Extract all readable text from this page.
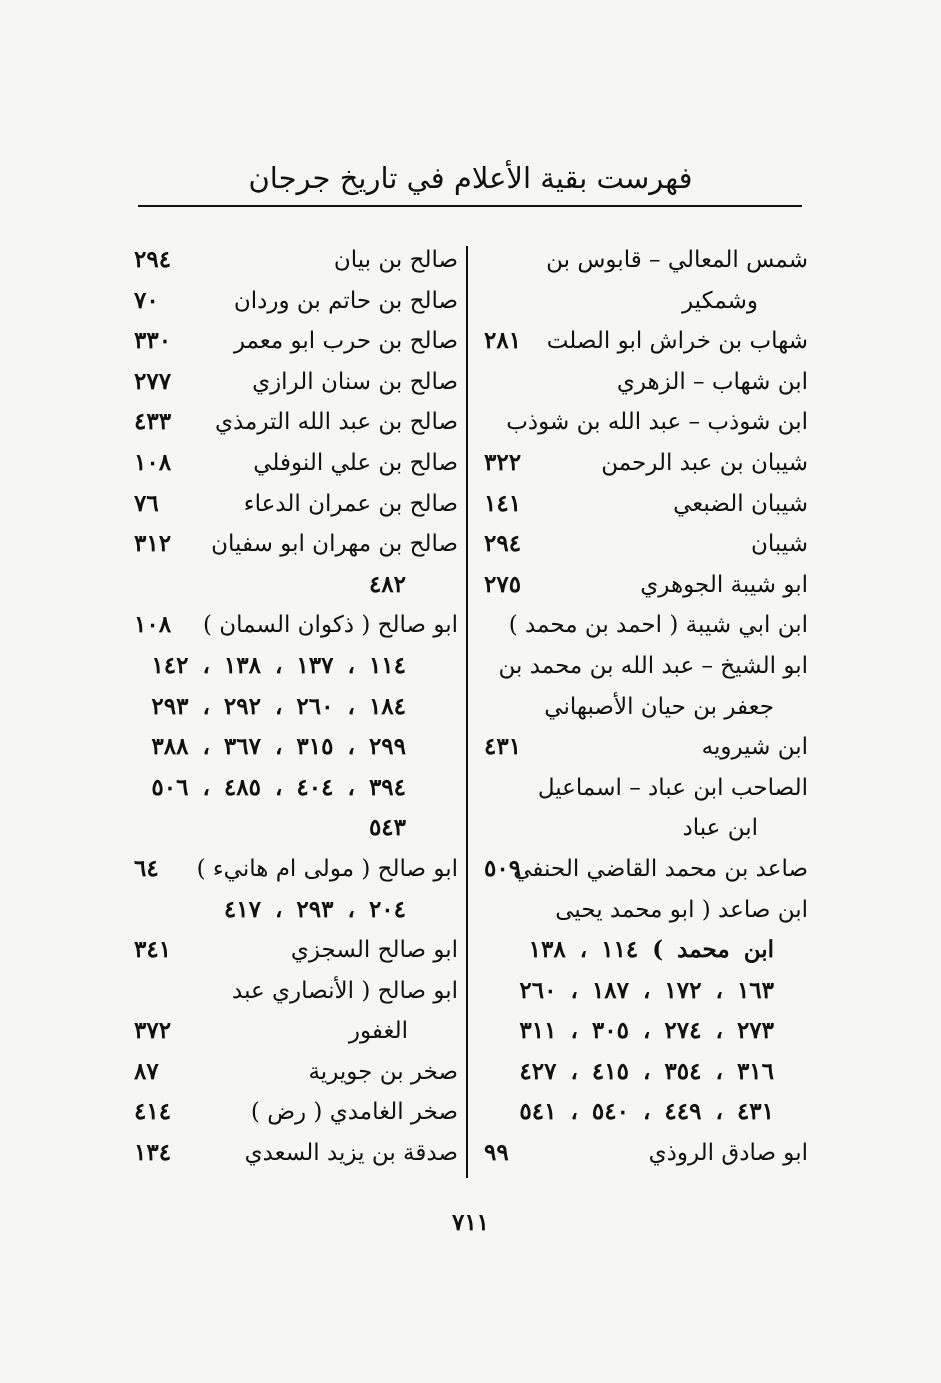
فهرست بقية الأعلام في تاريخ جرجان
شمس المعالي – قابوس بن
وشمكير
شهاب بن خراش ابو الصلت
٢٨١
ابن شهاب – الزهري
ابن شوذب – عبد الله بن شوذب
شيبان بن عبد الرحمن
٣٢٢
شيبان الضبعي
١٤١
شيبان
٢٩٤
ابو شيبة الجوهري
٢٧٥
ابن ابي شيبة ( احمد بن محمد )
ابو الشيخ – عبد الله بن محمد بن
جعفر بن حيان الأصبهاني
ابن شيرويه
٤٣١
الصاحب ابن عباد – اسماعيل
ابن عباد
صاعد بن محمد القاضي الحنفي
٥٠٩
ابن صاعد ( ابو محمد يحيى
ابن محمد ) ١١٤ ، ١٣٨
١٦٣ ، ١٧٢ ، ١٨٧ ، ٢٦٠
٢٧٣ ، ٢٧٤ ، ٣٠٥ ، ٣١١
٣١٦ ، ٣٥٤ ، ٤١٥ ، ٤٢٧
٤٣١ ، ٤٤٩ ، ٥٤٠ ، ٥٤١
ابو صادق الروذي
٩٩
صالح بن بيان
٢٩٤
صالح بن حاتم بن وردان
٧٠
صالح بن حرب ابو معمر
٣٣٠
صالح بن سنان الرازي
٢٧٧
صالح بن عبد الله الترمذي
٤٣٣
صالح بن علي النوفلي
١٠٨
صالح بن عمران الدعاء
٧٦
صالح بن مهران ابو سفيان
٣١٢
٤٨٢
ابو صالح ( ذكوان السمان )
١٠٨
١١٤ ، ١٣٧ ، ١٣٨ ، ١٤٢
١٨٤ ، ٢٦٠ ، ٢٩٢ ، ٢٩٣
٢٩٩ ، ٣١٥ ، ٣٦٧ ، ٣٨٨
٣٩٤ ، ٤٠٤ ، ٤٨٥ ، ٥٠٦
٥٤٣
ابو صالح ( مولى ام هانيء )
٦٤
٢٠٤ ، ٢٩٣ ، ٤١٧
ابو صالح السجزي
٣٤١
ابو صالح ( الأنصاري عبد
الغفور
٣٧٢
صخر بن جويرية
٨٧
صخر الغامدي ( رض )
٤١٤
صدقة بن يزيد السعدي
١٣٤
٧١١
